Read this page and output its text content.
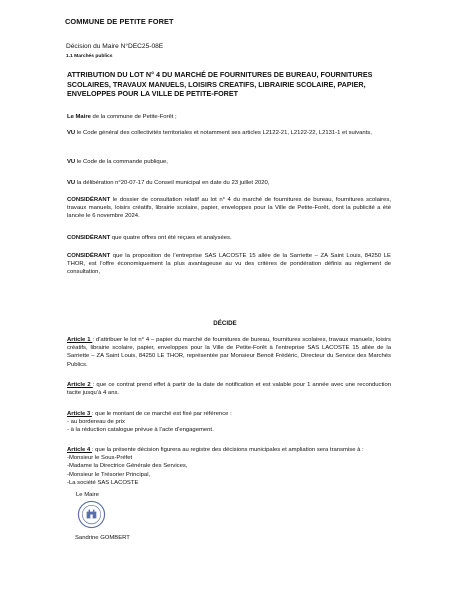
COMMUNE DE PETITE FORET
Décision du Maire N°DEC25-08E
1.1 Marchés publics
ATTRIBUTION DU LOT N° 4 DU MARCHÉ DE FOURNITURES DE BUREAU, FOURNITURES SCOLAIRES, TRAVAUX MANUELS, LOISIRS CREATIFS, LIBRAIRIE SCOLAIRE, PAPIER, ENVELOPPES POUR LA VILLE DE PETITE-FORET
Le Maire de la commune de Petite-Forêt ;
VU le Code général des collectivités territoriales et notamment ses articles L2122-21, L2122-22, L2131-1 et suivants,
VU le Code de la commande publique,
VU la délibération n°20-07-17 du Conseil municipal en date du 23 juillet 2020,
CONSIDÉRANT le dossier de consultation relatif au lot n° 4 du marché de fournitures de bureau, fournitures scolaires, travaux manuels, loisirs créatifs, librairie scolaire, papier, enveloppes pour la Ville de Petite-Forêt, dont la publicité a été lancée le 6 novembre 2024.
CONSIDÉRANT que quatre offres ont été reçues et analysées.
CONSIDÉRANT que la proposition de l’entreprise SAS LACOSTE 15 allée de la Sarriette – ZA Saint Louis, 84250 LE THOR, est l’offre économiquement la plus avantageuse au vu des critères de pondération définis au règlement de consultation,
DÉCIDE
Article 1 : d’attribuer le lot n° 4 – papier du marché de fournitures de bureau, fournitures scolaires, travaux manuels, loisirs créatifs, librairie scolaire, papier, enveloppes pour la Ville de Petite-Forêt à l’entreprise SAS LACOSTE 15 allée de la Sarriette – ZA Saint Louis, 84250 LE THOR, représentée par Monsieur Benoit Frédéric, Directeur du Service des Marchés Publics.
Article 2 : que ce contrat prend effet à partir de la date de notification et est valable pour 1 année avec une reconduction tacite jusqu’à 4 ans.
Article 3 : que le montant de ce marché est fixé par référence :
- au bordereau de prix
- à la réduction catalogue prévue à l’acte d’engagement.
Article 4 : que la présente décision figurera au registre des décisions municipales et ampliation sera transmise à :
-Monsieur le Sous-Préfet
-Madame la Directrice Générale des Services,
-Monsieur le Trésorier Principal,
-La société SAS LACOSTE
Le Maire
Sandrine GOMBERT
